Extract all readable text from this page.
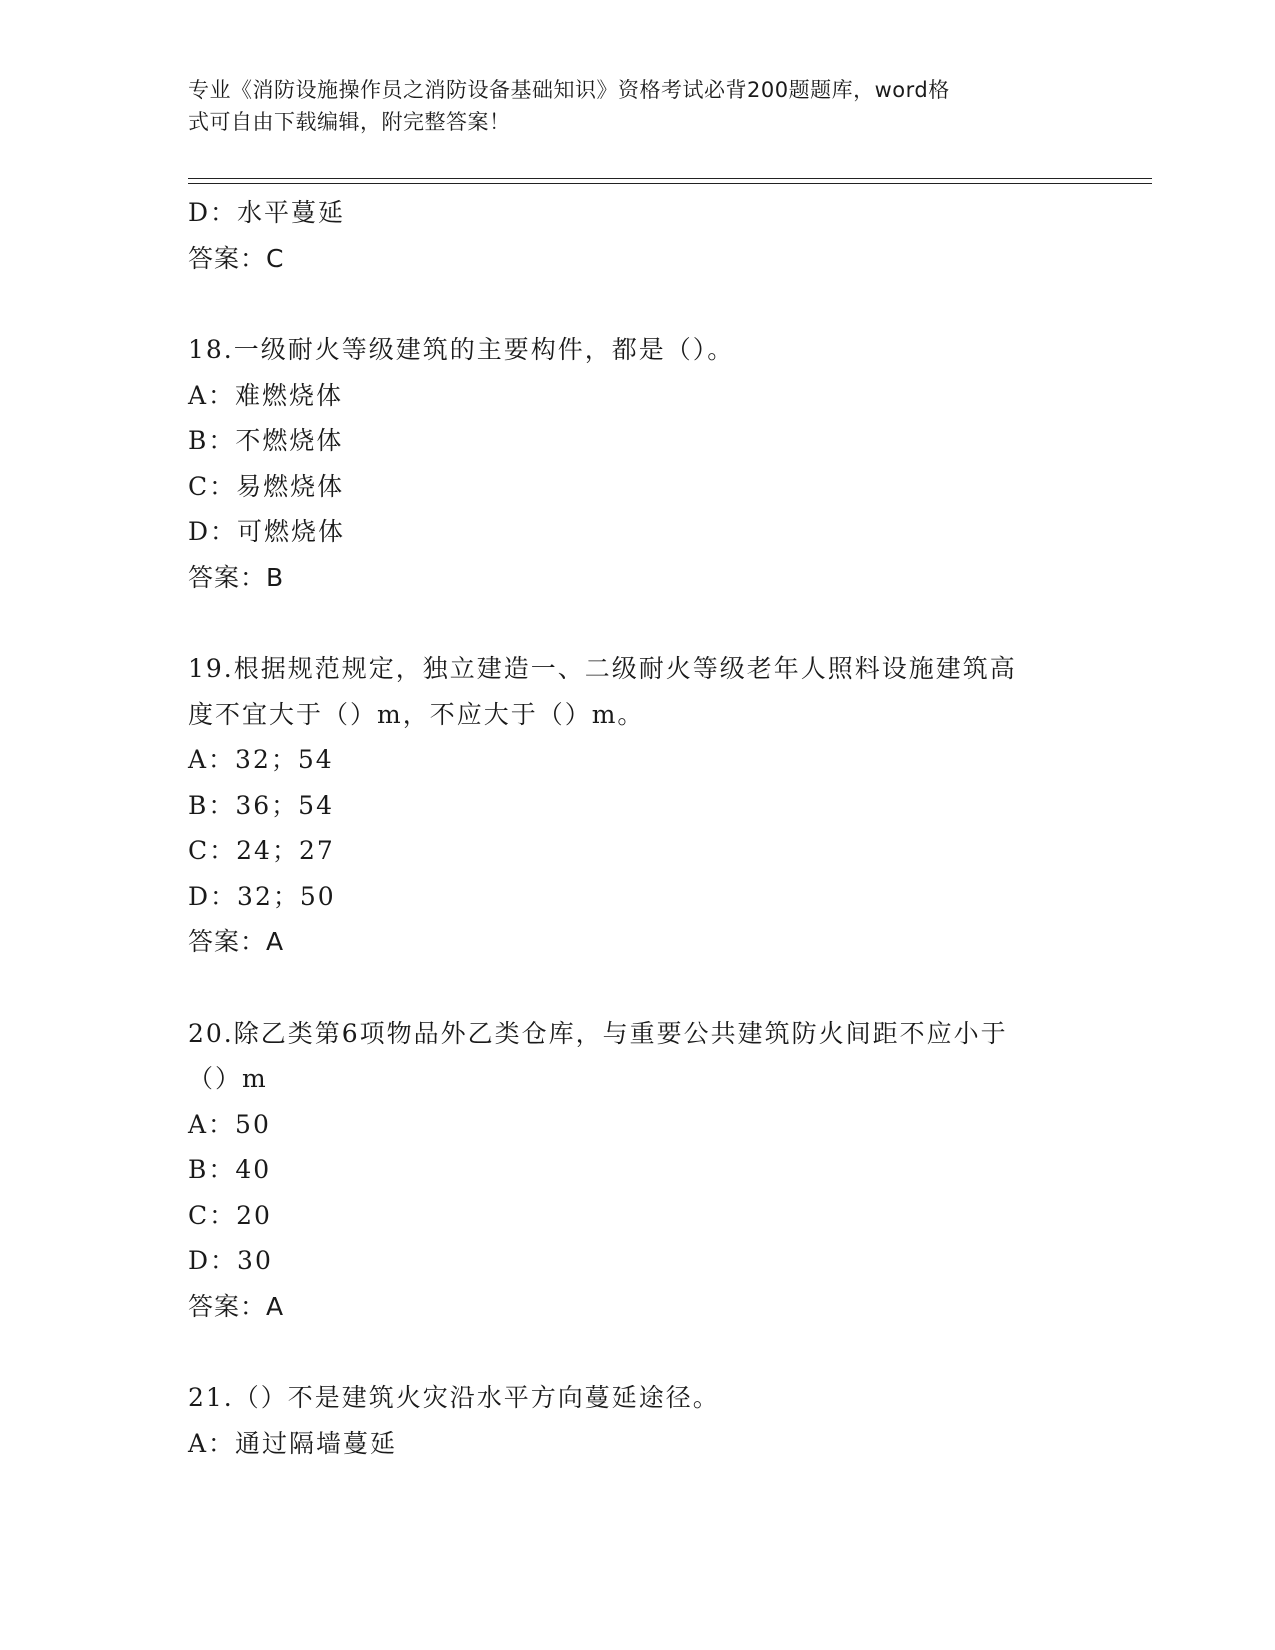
专业《消防设施操作员之消防设备基础知识》资格考试必背200题题库，word格
式可自由下载编辑，附完整答案！
D：水平蔓延
答案：C
18.一级耐火等级建筑的主要构件，都是（）。
A：难燃烧体
B：不燃烧体
C：易燃烧体
D：可燃烧体
答案：B
19.根据规范规定，独立建造一、二级耐火等级老年人照料设施建筑高
度不宜大于（）m，不应大于（）m。
A：32；54
B：36；54
C：24；27
D：32；50
答案：A
20.除乙类第6项物品外乙类仓库，与重要公共建筑防火间距不应小于
（）m
A：50
B：40
C：20
D：30
答案：A
21.（）不是建筑火灾沿水平方向蔓延途径。
A：通过隔墙蔓延
